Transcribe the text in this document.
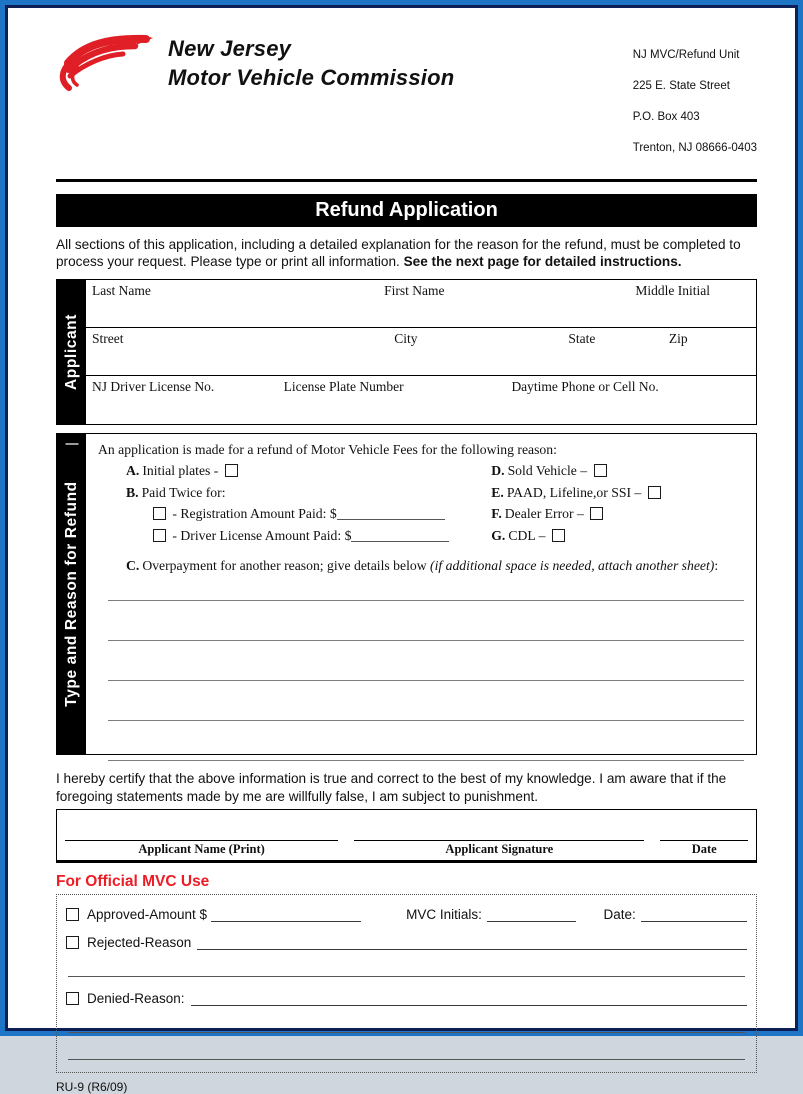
New Jersey
Motor Vehicle Commission

NJ MVC/Refund Unit

225 E. State Street

P.O. Box 403

Trenton, NJ 08666-0403

Refund Application
All sections of this application, including a detailed explanation for the reason for the refund, must be completed to process your request. Please type or print all information. See the next page for detailed instructions.
Applicant
Last Name	First Name	Middle Initial
Street	City	State	Zip
NJ Driver License No.	License Plate Number	Daytime Phone or Cell No.
Type and Reason for Refund
An application is made for a refund of Motor Vehicle Fees for the following reason:
A. Initial plates -	D. Sold Vehicle –
B. Paid Twice for:	E. PAAD, Lifeline,or SSI –
- Registration Amount Paid: $	F. Dealer Error –
- Driver License Amount Paid: $	G. CDL –
C. Overpayment for another reason; give details below (if additional space is needed, attach another sheet):
I hereby certify that the above information is true and correct to the best of my knowledge. I am aware that if the foregoing statements made by me are willfully false, I am subject to punishment.
Applicant Name (Print)	Applicant Signature	Date
For Official MVC Use
Approved-Amount $	MVC Initials:	Date:
Rejected-Reason
Denied-Reason:
RU-9 (R6/09)
